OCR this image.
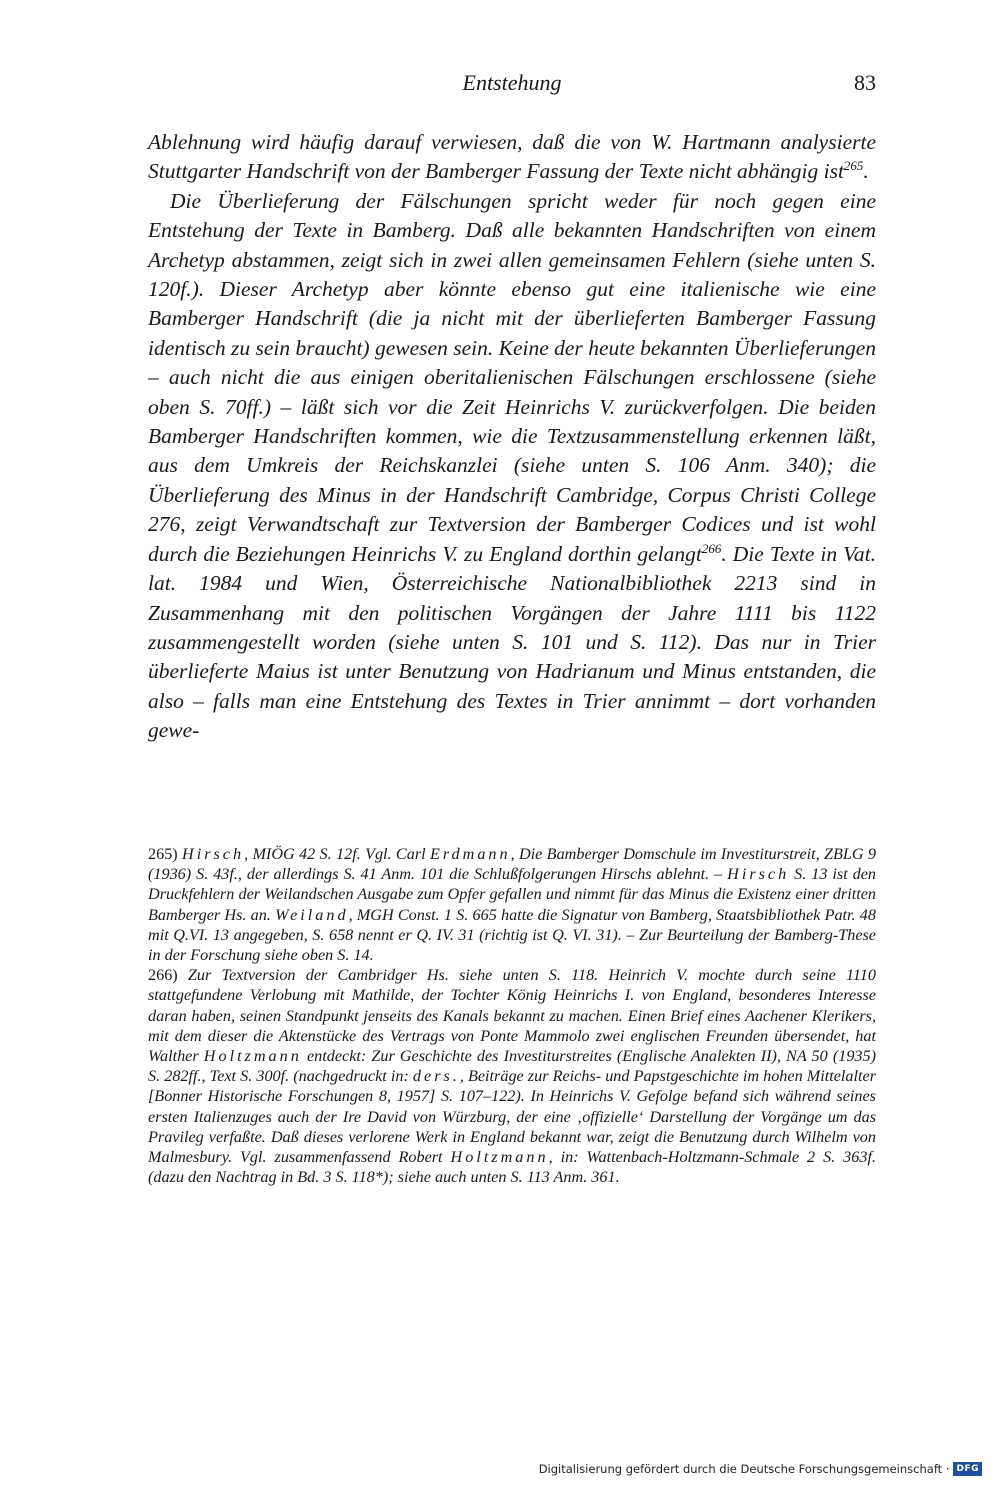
Entstehung	83

Ablehnung wird häufig darauf verwiesen, daß die von W. Hartmann analysierte Stuttgarter Handschrift von der Bamberger Fassung der Texte nicht abhängig ist$^{265}$.

Die Überlieferung der Fälschungen spricht weder für noch gegen eine Entstehung der Texte in Bamberg. Daß alle bekannten Handschriften von einem Archetyp abstammen, zeigt sich in zwei allen gemeinsamen Fehlern (siehe unten S. 120f.). Dieser Archetyp aber könnte ebenso gut eine italienische wie eine Bamberger Handschrift (die ja nicht mit der überlieferten Bamberger Fassung identisch zu sein braucht) gewesen sein. Keine der heute bekannten Überlieferungen – auch nicht die aus einigen oberitalienischen Fälschungen erschlossene (siehe oben S. 70ff.) – läßt sich vor die Zeit Heinrichs V. zurückverfolgen. Die beiden Bamberger Handschriften kommen, wie die Textzusammenstellung erkennen läßt, aus dem Umkreis der Reichskanzlei (siehe unten S. 106 Anm. 340); die Überlieferung des Minus in der Handschrift Cambridge, Corpus Christi College 276, zeigt Verwandtschaft zur Textversion der Bamberger Codices und ist wohl durch die Beziehungen Heinrichs V. zu England dorthin gelangt$^{266}$. Die Texte in Vat. lat. 1984 und Wien, Österreichische Nationalbibliothek 2213 sind in Zusammenhang mit den politischen Vorgängen der Jahre 1111 bis 1122 zusammengestellt worden (siehe unten S. 101 und S. 112). Das nur in Trier überlieferte Maius ist unter Benutzung von Hadrianum und Minus entstanden, die also – falls man eine Entstehung des Textes in Trier annimmt – dort vorhanden gewe-

265) Hirsch, MIÖG 42 S. 12f. Vgl. Carl Erdmann, Die Bamberger Domschule im Investiturstreit, ZBLG 9 (1936) S. 43f., der allerdings S. 41 Anm. 101 die Schlußfolgerungen Hirschs ablehnt. – Hirsch S. 13 ist den Druckfehlern der Weilandschen Ausgabe zum Opfer gefallen und nimmt für das Minus die Existenz einer dritten Bamberger Hs. an. Weiland, MGH Const. 1 S. 665 hatte die Signatur von Bamberg, Staatsbibliothek Patr. 48 mit Q.VI. 13 angegeben, S. 658 nennt er Q. IV. 31 (richtig ist Q. VI. 31). – Zur Beurteilung der Bamberg-These in der Forschung siehe oben S. 14.

266) Zur Textversion der Cambridger Hs. siehe unten S. 118. Heinrich V. mochte durch seine 1110 stattgefundene Verlobung mit Mathilde, der Tochter König Heinrichs I. von England, besonderes Interesse daran haben, seinen Standpunkt jenseits des Kanals bekannt zu machen. Einen Brief eines Aachener Klerikers, mit dem dieser die Aktenstücke des Vertrags von Ponte Mammolo zwei englischen Freunden übersendet, hat Walther Holtzmann entdeckt: Zur Geschichte des Investiturstreites (Englische Analekten II), NA 50 (1935) S. 282ff., Text S. 300f. (nachgedruckt in: ders., Beiträge zur Reichs- und Papstgeschichte im hohen Mittelalter [Bonner Historische Forschungen 8, 1957] S. 107–122). In Heinrichs V. Gefolge befand sich während seines ersten Italienzuges auch der Ire David von Würzburg, der eine ‚offizielle‘ Darstellung der Vorgänge um das Pravileg verfaßte. Daß dieses verlorene Werk in England bekannt war, zeigt die Benutzung durch Wilhelm von Malmesbury. Vgl. zusammenfassend Robert Holtzmann, in: Wattenbach-Holtzmann-Schmale 2 S. 363f. (dazu den Nachtrag in Bd. 3 S. 118*); siehe auch unten S. 113 Anm. 361.

Digitalisierung gefördert durch die Deutsche Forschungsgemeinschaft · DFG
